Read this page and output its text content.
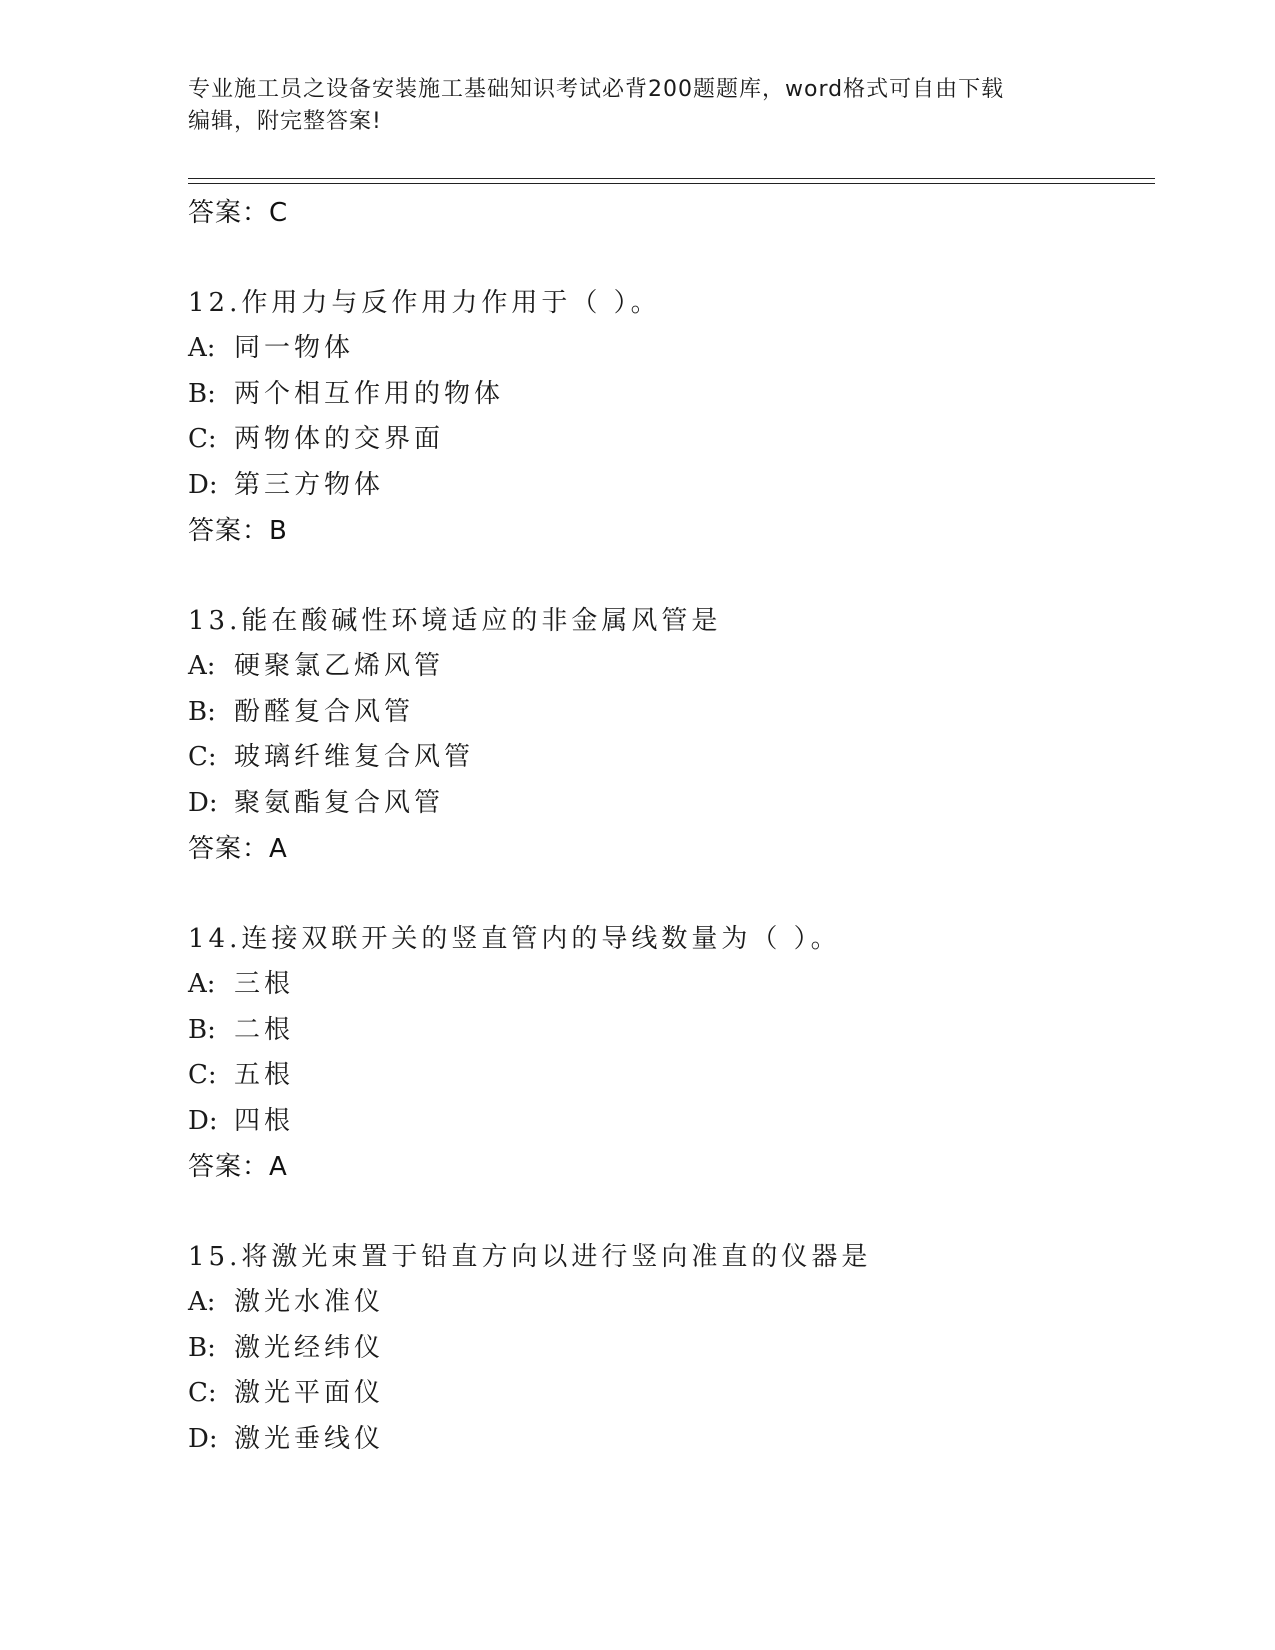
专业施工员之设备安装施工基础知识考试必背200题题库，word格式可自由下载
编辑，附完整答案!
答案：C
12.作用力与反作用力作用于（ ）。
A: 同一物体
B: 两个相互作用的物体
C: 两物体的交界面
D: 第三方物体
答案：B
13.能在酸碱性环境适应的非金属风管是
A: 硬聚氯乙烯风管
B: 酚醛复合风管
C: 玻璃纤维复合风管
D: 聚氨酯复合风管
答案：A
14.连接双联开关的竖直管内的导线数量为（ ）。
A: 三根
B: 二根
C: 五根
D: 四根
答案：A
15.将激光束置于铅直方向以进行竖向准直的仪器是
A: 激光水准仪
B: 激光经纬仪
C: 激光平面仪
D: 激光垂线仪
